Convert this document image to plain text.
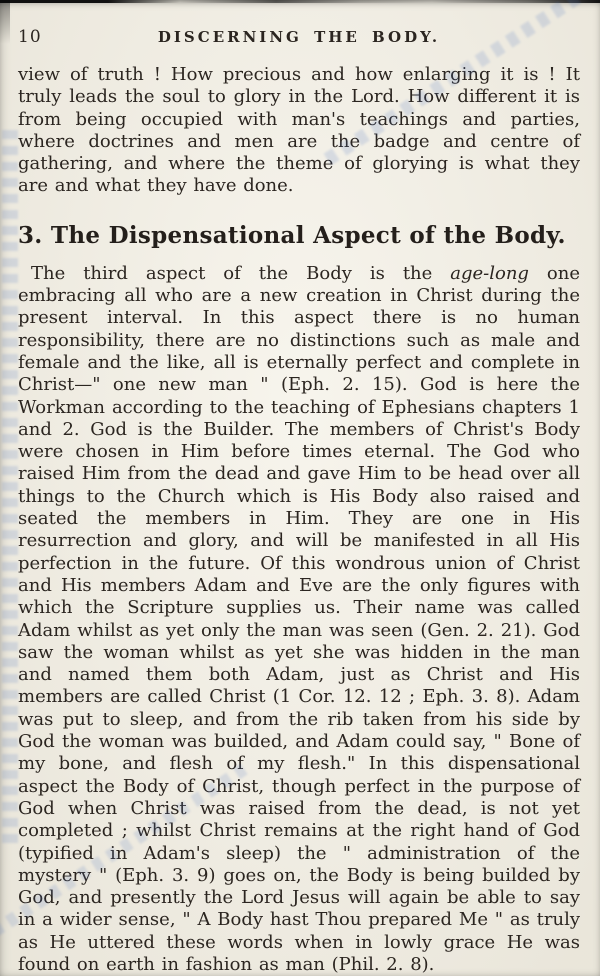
10	DISCERNING THE BODY.

view of truth ! How precious and how enlarging it is ! It truly leads the soul to glory in the Lord. How different it is from being occupied with man's teachings and parties, where doctrines and men are the badge and centre of gathering, and where the theme of glorying is what they are and what they have done.

3. The Dispensational Aspect of the Body.

The third aspect of the Body is the age-long one embracing all who are a new creation in Christ during the present interval. In this aspect there is no human responsibility, there are no distinctions such as male and female and the like, all is eternally perfect and complete in Christ—" one new man " (Eph. 2. 15). God is here the Workman according to the teaching of Ephesians chapters 1 and 2. God is the Builder. The members of Christ's Body were chosen in Him before times eternal. The God who raised Him from the dead and gave Him to be head over all things to the Church which is His Body also raised and seated the members in Him. They are one in His resurrection and glory, and will be manifested in all His perfection in the future. Of this wondrous union of Christ and His members Adam and Eve are the only figures with which the Scripture supplies us. Their name was called Adam whilst as yet only the man was seen (Gen. 2. 21). God saw the woman whilst as yet she was hidden in the man and named them both Adam, just as Christ and His members are called Christ (1 Cor. 12. 12 ; Eph. 3. 8). Adam was put to sleep, and from the rib taken from his side by God the woman was builded, and Adam could say, " Bone of my bone, and flesh of my flesh." In this dispensational aspect the Body of Christ, though perfect in the purpose of God when Christ was raised from the dead, is not yet completed ; whilst Christ remains at the right hand of God (typified in Adam's sleep) the " administration of the mystery " (Eph. 3. 9) goes on, the Body is being builded by God, and presently the Lord Jesus will again be able to say in a wider sense, " A Body hast Thou prepared Me " as truly as He uttered these words when in lowly grace He was found on earth in fashion as man (Phil. 2. 8).
